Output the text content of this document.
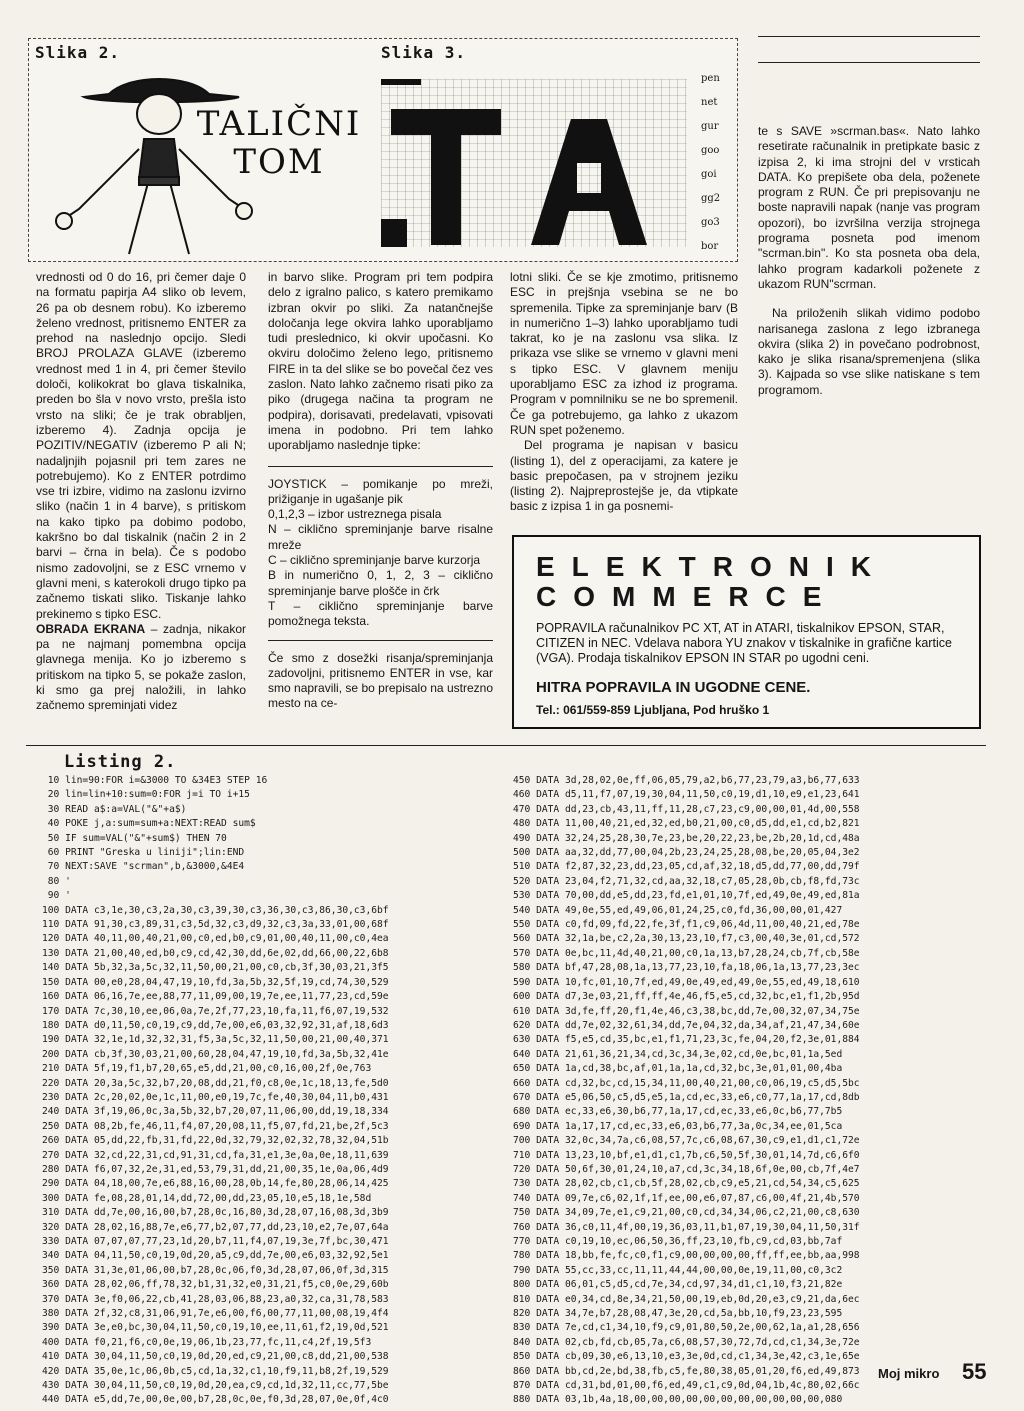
Slika 2.	Slika 3.
TALIČNI
TOM
pen
net
gur
goo
goi
gg2
go3
bor

vrednosti od 0 do 16, pri čemer daje 0 na formatu papirja A4 sliko ob levem, 26 pa ob desnem robu). Ko izberemo želeno vrednost, pritisnemo ENTER za prehod na naslednjo opcijo. Sledi BROJ PROLAZA GLAVE (izberemo vrednost med 1 in 4, pri čemer število določi, kolikokrat bo glava tiskalnika, preden bo šla v novo vrsto, prešla isto vrsto na sliki; če je trak obrabljen, izberemo 4). Zadnja opcija je POZITIV/NEGATIV (izberemo P ali N; nadaljnjih pojasnil pri tem zares ne potrebujemo). Ko z ENTER potrdimo vse tri izbire, vidimo na zaslonu izvirno sliko (način 1 in 4 barve), s pritiskom na kako tipko pa dobimo podobo, kakršno bo dal tiskalnik (način 2 in 2 barvi – črna in bela). Če s podobo nismo zadovoljni, se z ESC vrnemo v glavni meni, s katerokoli drugo tipko pa začnemo tiskati sliko. Tiskanje lahko prekinemo s tipko ESC.

OBRADA EKRANA – zadnja, nikakor pa ne najmanj pomembna opcija glavnega menija. Ko jo izberemo s pritiskom na tipko 5, se pokaže zaslon, ki smo ga prej naložili, in lahko začnemo spreminjati videz

in barvo slike. Program pri tem podpira delo z igralno palico, s katero premikamo izbran okvir po sliki. Za natančnejše določanja lege okvira lahko uporabljamo tudi preslednico, ki okvir upočasni. Ko okviru določimo želeno lego, pritisnemo FIRE in ta del slike se bo povečal čez ves zaslon. Nato lahko začnemo risati piko za piko (drugega načina ta program ne podpira), dorisavati, predelavati, vpisovati imena in podobno. Pri tem lahko uporabljamo naslednje tipke:

JOYSTICK – pomikanje po mreži, prižiganje in ugašanje pik

0,1,2,3 – izbor ustreznega pisala

N – ciklično spreminjanje barve risalne mreže

C – ciklično spreminjanje barve kurzorja

B in numerično 0, 1, 2, 3 – ciklično spreminjanje barve plošče in črk

T – ciklično spreminjanje barve pomožnega teksta.

Če smo z dosežki risanja/spreminjanja zadovoljni, pritisnemo ENTER in vse, kar smo napravili, se bo prepisalo na ustrezno mesto na ce-

lotni sliki. Če se kje zmotimo, pritisnemo ESC in prejšnja vsebina se ne bo spremenila. Tipke za spreminjanje barv (B in numerično 1–3) lahko uporabljamo tudi takrat, ko je na zaslonu vsa slika. Iz prikaza vse slike se vrnemo v glavni meni s tipko ESC. V glavnem meniju uporabljamo ESC za izhod iz programa. Program v pomnilniku se ne bo spremenil. Če ga potrebujemo, ga lahko z ukazom RUN spet poženemo.

Del programa je napisan v basicu (listing 1), del z operacijami, za katere je basic prepočasen, pa v strojnem jeziku (listing 2). Najpreprostejše je, da vtipkate basic z izpisa 1 in ga posnemi-

te s SAVE »scrman.bas«. Nato lahko resetirate računalnik in pretipkate basic z izpisa 2, ki ima strojni del v vrsticah DATA. Ko prepišete oba dela, poženete program z RUN. Če pri prepisovanju ne boste napravili napak (nanje vas program opozori), bo izvršilna verzija strojnega programa posneta pod imenom "scrman.bin". Ko sta posneta oba dela, lahko program kadarkoli poženete z ukazom RUN"scrman.

Na priloženih slikah vidimo podobo narisanega zaslona z lego izbranega okvira (slika 2) in povečano podrobnost, kako je slika risana/spremenjena (slika 3). Kajpada so vse slike natiskane s tem programom.

ELEKTRONIK
COMMERCE
POPRAVILA računalnikov PC XT, AT in ATARI, tiskalnikov EPSON, STAR, CITIZEN in NEC. Vdelava nabora YU znakov v tiskalnike in grafične kartice (VGA). Prodaja tiskalnikov EPSON IN STAR po ugodni ceni.
HITRA POPRAVILA IN UGODNE CENE.
Tel.: 061/559-859 Ljubljana, Pod hruško 1
Listing 2.
10 lin=90:FOR i=&3000 TO &34E3 STEP 16
20 lin=lin+10:sum=0:FOR j=i TO i+15
30 READ a$:a=VAL("&"+a$)
40 POKE j,a:sum=sum+a:NEXT:READ sum$
50 IF sum=VAL("&"+sum$) THEN 70
60 PRINT "Greska u liniji";lin:END
70 NEXT:SAVE "scrman",b,&3000,&4E4
80 '
90 '
100 DATA c3,1e,30,c3,2a,30,c3,39,30,c3,36,30,c3,86,30,c3,6bf
110 DATA 91,30,c3,89,31,c3,5d,32,c3,d9,32,c3,3a,33,01,00,68f
120 DATA 40,11,00,40,21,00,c0,ed,b0,c9,01,00,40,11,00,c0,4ea
130 DATA 21,00,40,ed,b0,c9,cd,42,30,dd,6e,02,dd,66,00,22,6b8
140 DATA 5b,32,3a,5c,32,11,50,00,21,00,c0,cb,3f,30,03,21,3f5
150 DATA 00,e0,28,04,47,19,10,fd,3a,5b,32,5f,19,cd,74,30,529
160 DATA 06,16,7e,ee,88,77,11,09,00,19,7e,ee,11,77,23,cd,59e
170 DATA 7c,30,10,ee,06,0a,7e,2f,77,23,10,fa,11,f6,07,19,532
180 DATA d0,11,50,c0,19,c9,dd,7e,00,e6,03,32,92,31,af,18,6d3
190 DATA 32,1e,1d,32,32,31,f5,3a,5c,32,11,50,00,21,00,40,371
200 DATA cb,3f,30,03,21,00,60,28,04,47,19,10,fd,3a,5b,32,41e
210 DATA 5f,19,f1,b7,20,65,e5,dd,21,00,c0,16,00,2f,0e,763
220 DATA 20,3a,5c,32,b7,20,08,dd,21,f0,c8,0e,1c,18,13,fe,5d0
230 DATA 2c,20,02,0e,1c,11,00,e0,19,7c,fe,40,30,04,11,b0,431
240 DATA 3f,19,06,0c,3a,5b,32,b7,20,07,11,06,00,dd,19,18,334
250 DATA 08,2b,fe,46,11,f4,07,20,08,11,f5,07,fd,21,be,2f,5c3
260 DATA 05,dd,22,fb,31,fd,22,0d,32,79,32,02,32,78,32,04,51b
270 DATA 32,cd,22,31,cd,91,31,cd,fa,31,e1,3e,0a,0e,18,11,639
280 DATA f6,07,32,2e,31,ed,53,79,31,dd,21,00,35,1e,0a,06,4d9
290 DATA 04,18,00,7e,e6,88,16,00,28,0b,14,fe,80,28,06,14,425
300 DATA fe,08,28,01,14,dd,72,00,dd,23,05,10,e5,18,1e,58d
310 DATA dd,7e,00,16,00,b7,28,0c,16,80,3d,28,07,16,08,3d,3b9
320 DATA 28,02,16,88,7e,e6,77,b2,07,77,dd,23,10,e2,7e,07,64a
330 DATA 07,07,07,77,23,1d,20,b7,11,f4,07,19,3e,7f,bc,30,471
340 DATA 04,11,50,c0,19,0d,20,a5,c9,dd,7e,00,e6,03,32,92,5e1
350 DATA 31,3e,01,06,00,b7,28,0c,06,f0,3d,28,07,06,0f,3d,315
360 DATA 28,02,06,ff,78,32,b1,31,32,e0,31,21,f5,c0,0e,29,60b
370 DATA 3e,f0,06,22,cb,41,28,03,06,88,23,a0,32,ca,31,78,583
380 DATA 2f,32,c8,31,06,91,7e,e6,00,f6,00,77,11,00,08,19,4f4
390 DATA 3e,e0,bc,30,04,11,50,c0,19,10,ee,11,61,f2,19,0d,521
400 DATA f0,21,f6,c0,0e,19,06,1b,23,77,fc,11,c4,2f,19,5f3
410 DATA 30,04,11,50,c0,19,0d,20,ed,c9,21,00,c8,dd,21,00,538
420 DATA 35,0e,1c,06,0b,c5,cd,1a,32,c1,10,f9,11,b8,2f,19,529
430 DATA 30,04,11,50,c0,19,0d,20,ea,c9,cd,1d,32,11,cc,77,5be
440 DATA e5,dd,7e,00,0e,00,b7,28,0c,0e,f0,3d,28,07,0e,0f,4c0
450 DATA 3d,28,02,0e,ff,06,05,79,a2,b6,77,23,79,a3,b6,77,633
460 DATA d5,11,f7,07,19,30,04,11,50,c0,19,d1,10,e9,e1,23,641
470 DATA dd,23,cb,43,11,ff,11,28,c7,23,c9,00,00,01,4d,00,558
480 DATA 11,00,40,21,ed,32,ed,b0,21,00,c0,d5,dd,e1,cd,b2,821
490 DATA 32,24,25,28,30,7e,23,be,20,22,23,be,2b,20,1d,cd,48a
500 DATA aa,32,dd,77,00,04,2b,23,24,25,28,08,be,20,05,04,3e2
510 DATA f2,87,32,23,dd,23,05,cd,af,32,18,d5,dd,77,00,dd,79f
520 DATA 23,04,f2,71,32,cd,aa,32,18,c7,05,28,0b,cb,f8,fd,73c
530 DATA 70,00,dd,e5,dd,23,fd,e1,01,10,7f,ed,49,0e,49,ed,81a
540 DATA 49,0e,55,ed,49,06,01,24,25,c0,fd,36,00,00,01,427
550 DATA c0,fd,09,fd,22,fe,3f,f1,c9,06,4d,11,00,40,21,ed,78e
560 DATA 32,1a,be,c2,2a,30,13,23,10,f7,c3,00,40,3e,01,cd,572
570 DATA 0e,bc,11,4d,40,21,00,c0,1a,13,b7,28,24,cb,7f,cb,58e
580 DATA bf,47,28,08,1a,13,77,23,10,fa,18,06,1a,13,77,23,3ec
590 DATA 10,fc,01,10,7f,ed,49,0e,49,ed,49,0e,55,ed,49,18,610
600 DATA d7,3e,03,21,ff,ff,4e,46,f5,e5,cd,32,bc,e1,f1,2b,95d
610 DATA 3d,fe,ff,20,f1,4e,46,c3,38,bc,dd,7e,00,32,07,34,75e
620 DATA dd,7e,02,32,61,34,dd,7e,04,32,da,34,af,21,47,34,60e
630 DATA f5,e5,cd,35,bc,e1,f1,71,23,3c,fe,04,20,f2,3e,01,884
640 DATA 21,61,36,21,34,cd,3c,34,3e,02,cd,0e,bc,01,1a,5ed
650 DATA 1a,cd,38,bc,af,01,1a,1a,cd,32,bc,3e,01,01,00,4ba
660 DATA cd,32,bc,cd,15,34,11,00,40,21,00,c0,06,19,c5,d5,5bc
670 DATA e5,06,50,c5,d5,e5,1a,cd,ec,33,e6,c0,77,1a,17,cd,8db
680 DATA ec,33,e6,30,b6,77,1a,17,cd,ec,33,e6,0c,b6,77,7b5
690 DATA 1a,17,17,cd,ec,33,e6,03,b6,77,3a,0c,34,ee,01,5ca
700 DATA 32,0c,34,7a,c6,08,57,7c,c6,08,67,30,c9,e1,d1,c1,72e
710 DATA 13,23,10,bf,e1,d1,c1,7b,c6,50,5f,30,01,14,7d,c6,6f0
720 DATA 50,6f,30,01,24,10,a7,cd,3c,34,18,6f,0e,00,cb,7f,4e7
730 DATA 28,02,cb,c1,cb,5f,28,02,cb,c9,e5,21,cd,54,34,c5,625
740 DATA 09,7e,c6,02,1f,1f,ee,00,e6,07,87,c6,00,4f,21,4b,570
750 DATA 34,09,7e,e1,c9,21,00,c0,cd,34,34,06,c2,21,00,c8,630
760 DATA 36,c0,11,4f,00,19,36,03,11,b1,07,19,30,04,11,50,31f
770 DATA c0,19,10,ec,06,50,36,ff,23,10,fb,c9,cd,03,bb,7af
780 DATA 18,bb,fe,fc,c0,f1,c9,00,00,00,00,ff,ff,ee,bb,aa,998
790 DATA 55,cc,33,cc,11,11,44,44,00,00,0e,19,11,00,c0,3c2
800 DATA 06,01,c5,d5,cd,7e,34,cd,97,34,d1,c1,10,f3,21,82e
810 DATA e0,34,cd,8e,34,21,50,00,19,eb,0d,20,e3,c9,21,da,6ec
820 DATA 34,7e,b7,28,08,47,3e,20,cd,5a,bb,10,f9,23,23,595
830 DATA 7e,cd,c1,34,10,f9,c9,01,80,50,2e,00,62,1a,a1,28,656
840 DATA 02,cb,fd,cb,05,7a,c6,08,57,30,72,7d,cd,c1,34,3e,72e
850 DATA cb,09,30,e6,13,10,e3,3e,0d,cd,c1,34,3e,42,c3,1e,65e
860 DATA bb,cd,2e,bd,38,fb,c5,fe,80,38,05,01,20,f6,ed,49,873
870 DATA cd,31,bd,01,00,f6,ed,49,c1,c9,0d,04,1b,4c,80,02,66c
880 DATA 03,1b,4a,18,00,00,00,00,00,00,00,00,00,00,00,080
Moj mikro 55
